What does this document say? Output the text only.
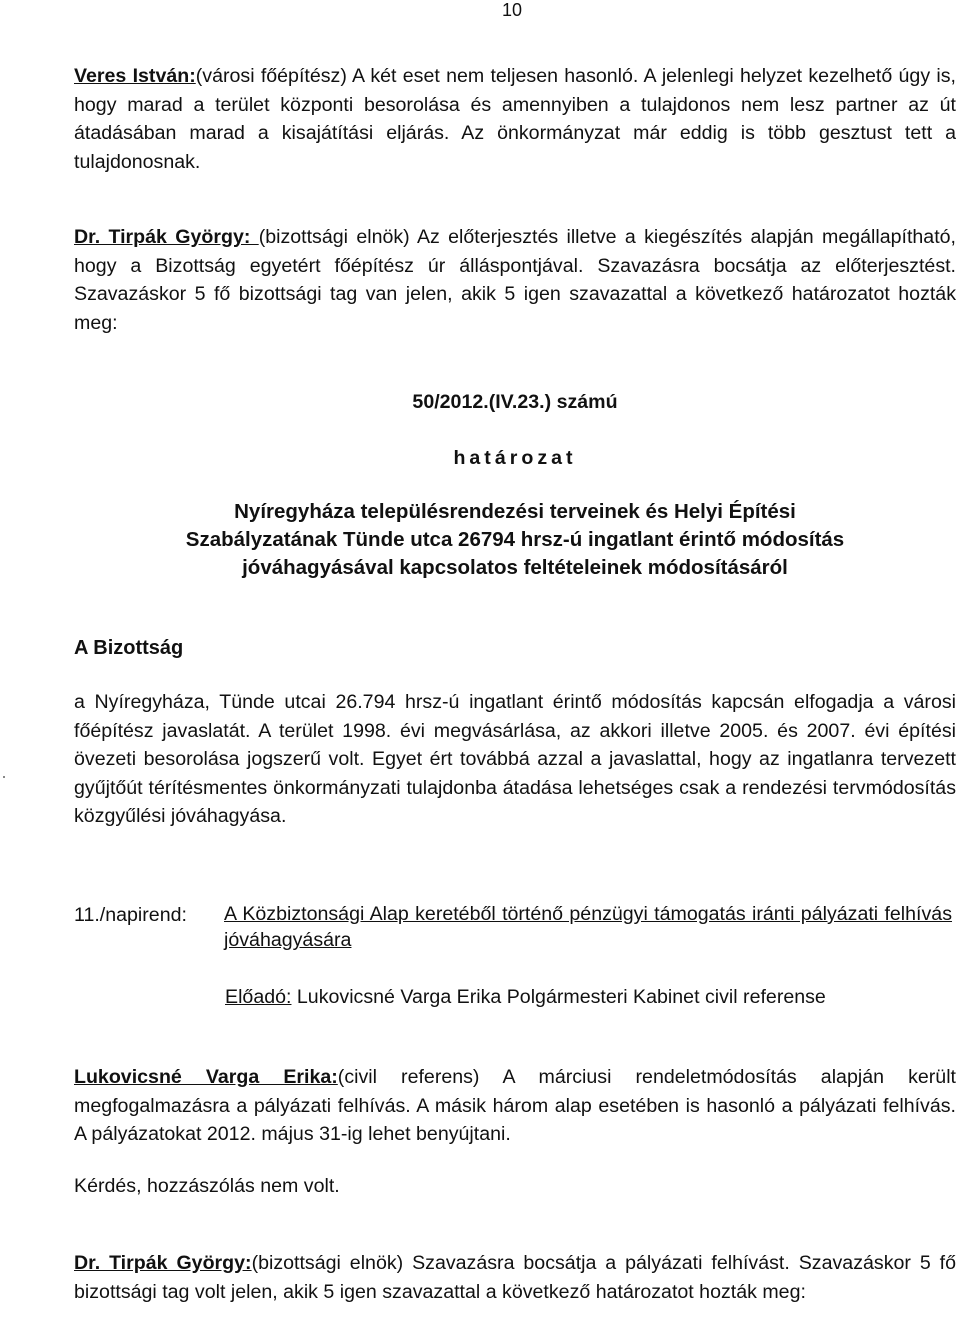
10
Veres István:(városi főépítész) A két eset nem teljesen hasonló. A jelenlegi helyzet kezelhető úgy is, hogy marad a terület központi besorolása és amennyiben a tulajdonos nem lesz partner az út átadásában marad a kisajátítási eljárás. Az önkormányzat már eddig is több gesztust tett a tulajdonosnak.
Dr. Tirpák György: (bizottsági elnök) Az előterjesztés illetve a kiegészítés alapján megállapítható, hogy a Bizottság egyetért főépítész úr álláspontjával. Szavazásra bocsátja az előterjesztést. Szavazáskor 5 fő bizottsági tag van jelen, akik 5 igen szavazattal a következő határozatot hozták meg:
50/2012.(IV.23.) számú
határozat
Nyíregyháza településrendezési terveinek és Helyi Építési
Szabályzatának Tünde utca 26794 hrsz-ú ingatlant érintő módosítás
jóváhagyásával kapcsolatos feltételeinek módosításáról
A Bizottság
a Nyíregyháza, Tünde utcai 26.794 hrsz-ú ingatlant érintő módosítás kapcsán elfogadja a városi főépítész javaslatát. A terület 1998. évi megvásárlása, az akkori illetve 2005. és 2007. évi építési övezeti besorolása jogszerű volt. Egyet ért továbbá azzal a javaslattal, hogy az ingatlanra tervezett gyűjtőút térítésmentes önkormányzati tulajdonba átadása lehetséges csak a rendezési tervmódosítás közgyűlési jóváhagyása.
11./napirend: A Közbiztonsági Alap keretéből történő pénzügyi támogatás iránti pályázati felhívás jóváhagyására
Előadó: Lukovicsné Varga Erika Polgármesteri Kabinet civil referense
Lukovicsné Varga Erika:(civil referens) A márciusi rendeletmódosítás alapján került megfogalmazásra a pályázati felhívás. A másik három alap esetében is hasonló a pályázati felhívás. A pályázatokat 2012. május 31-ig lehet benyújtani.
Kérdés, hozzászólás nem volt.
Dr. Tirpák György:(bizottsági elnök) Szavazásra bocsátja a pályázati felhívást. Szavazáskor 5 fő bizottsági tag volt jelen, akik 5 igen szavazattal a következő határozatot hozták meg:
